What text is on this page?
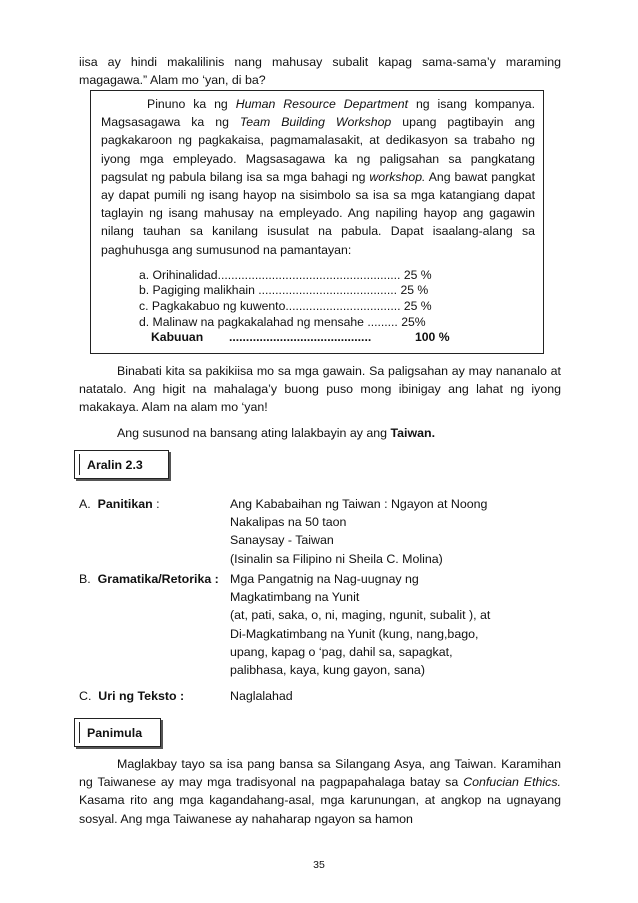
iisa ay hindi makalilinis nang mahusay subalit kapag sama-sama’y maraming magagawa.” Alam mo ‘yan, di ba?
Pinuno ka ng Human Resource Department ng isang kompanya. Magsasagawa ka ng Team Building Workshop upang pagtibayin ang pagkakaroon ng pagkakaisa, pagmamalasakit, at dedikasyon sa trabaho ng iyong mga empleyado. Magsasagawa ka ng paligsahan sa pangkatang pagsulat ng pabula bilang isa sa mga bahagi ng workshop. Ang bawat pangkat ay dapat pumili ng isang hayop na sisimbolo sa isa sa mga katangiang dapat taglayin ng isang mahusay na empleyado. Ang napiling hayop ang gagawin nilang tauhan sa kanilang isusulat na pabula. Dapat isaalang-alang sa paghuhusga ang sumusunod na pamantayan:
a. Orihinalidad...................................................... 25 %
b. Pagiging malikhain ......................................... 25 %
c. Pagkakabuo ng kuwento.................................. 25 %
d. Malinaw na pagkakalahad ng mensahe ......... 25%
Kabuuan ..........................................	100 %
Binabati kita sa pakikiisa mo sa mga gawain. Sa paligsahan ay may nananalo at natatalo. Ang higit na mahalaga’y buong puso mong ibinigay ang lahat ng iyong makakaya. Alam na alam mo ‘yan!
Ang susunod na bansang ating lalakbayin ay ang Taiwan.
Aralin 2.3
A. Panitikan :	Ang Kababaihan ng Taiwan : Ngayon at Noong
Nakalipas na 50 taon
Sanaysay - Taiwan
(Isinalin sa Filipino ni Sheila C. Molina)
B. Gramatika/Retorika : Mga Pangatnig na Nag-uugnay ng
Magkatimbang na Yunit
(at, pati, saka, o, ni, maging, ngunit, subalit ), at
Di-Magkatimbang na Yunit (kung, nang,bago,
upang, kapag o ‘pag, dahil sa, sapagkat,
palibhasa, kaya, kung gayon, sana)
C. Uri ng Teksto :	Naglalahad
Panimula
Maglakbay tayo sa isa pang bansa sa Silangang Asya, ang Taiwan. Karamihan ng Taiwanese ay may mga tradisyonal na pagpapahalaga batay sa Confucian Ethics. Kasama rito ang mga kagandahang-asal, mga karunungan, at angkop na ugnayang sosyal. Ang mga Taiwanese ay nahaharap ngayon sa hamon
35
